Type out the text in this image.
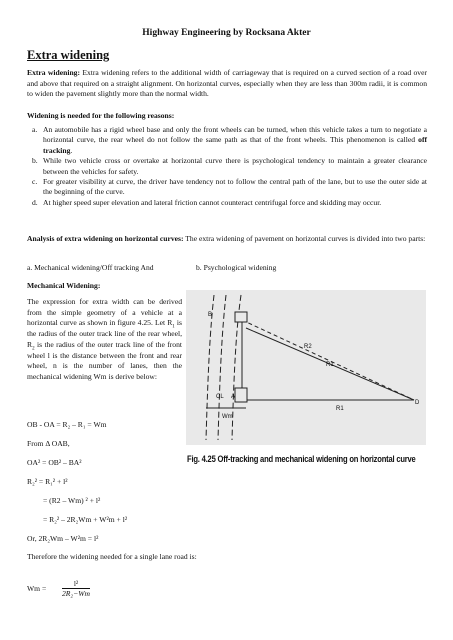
Highway Engineering by Rocksana Akter
Extra widening
Extra widening: Extra widening refers to the additional width of carriageway that is required on a curved section of a road over and above that required on a straight alignment. On horizontal curves, especially when they are less than 300m radii, it is common to widen the pavement slightly more than the normal width.
Widening is needed for the following reasons:
a. An automobile has a rigid wheel base and only the front wheels can be turned, when this vehicle takes a turn to negotiate a horizontal curve, the rear wheel do not follow the same path as that of the front wheels. This phenomenon is called off tracking.
b. While two vehicle cross or overtake at horizontal curve there is psychological tendency to maintain a greater clearance between the vehicles for safety.
c. For greater visibility at curve, the driver have tendency not to follow the central path of the lane, but to use the outer side at the beginning of the curve.
d. At higher speed super elevation and lateral friction cannot counteract centrifugal force and skidding may occur.
Analysis of extra widening on horizontal curves: The extra widening of pavement on horizontal curves is divided into two parts:
a. Mechanical widening/Off tracking And	b. Psychological widening
Mechanical Widening:
The expression for extra width can be derived from the simple geometry of a vehicle at a horizontal curve as shown in figure 4.25. Let $R_1$ is the radius of the outer track line of the rear wheel, $R_2$ is the radius of the outer track line of the front wheel l is the distance between the front and rear wheel, n is the number of lanes, then the mechanical widening Wm is derive below:
OB - OA = R₂ – R₁ = Wm
From Δ OAB,
OA² = OB² – BA²
R₂² = R₁² + l²
= (R2 – Wm) ² + l²
= R₂² – 2R₂Wm + W²m + l²
Or, 2R₂Wm – W²m = l²
Therefore the widening needed for a single lane road is:
$Wm = \frac{\text{l²}}{\text{2R₂−Wm}}$
B
CL A
Wm
R2
R1
R1
D
Fig. 4.25 Off-tracking and mechanical widening on horizontal curve
